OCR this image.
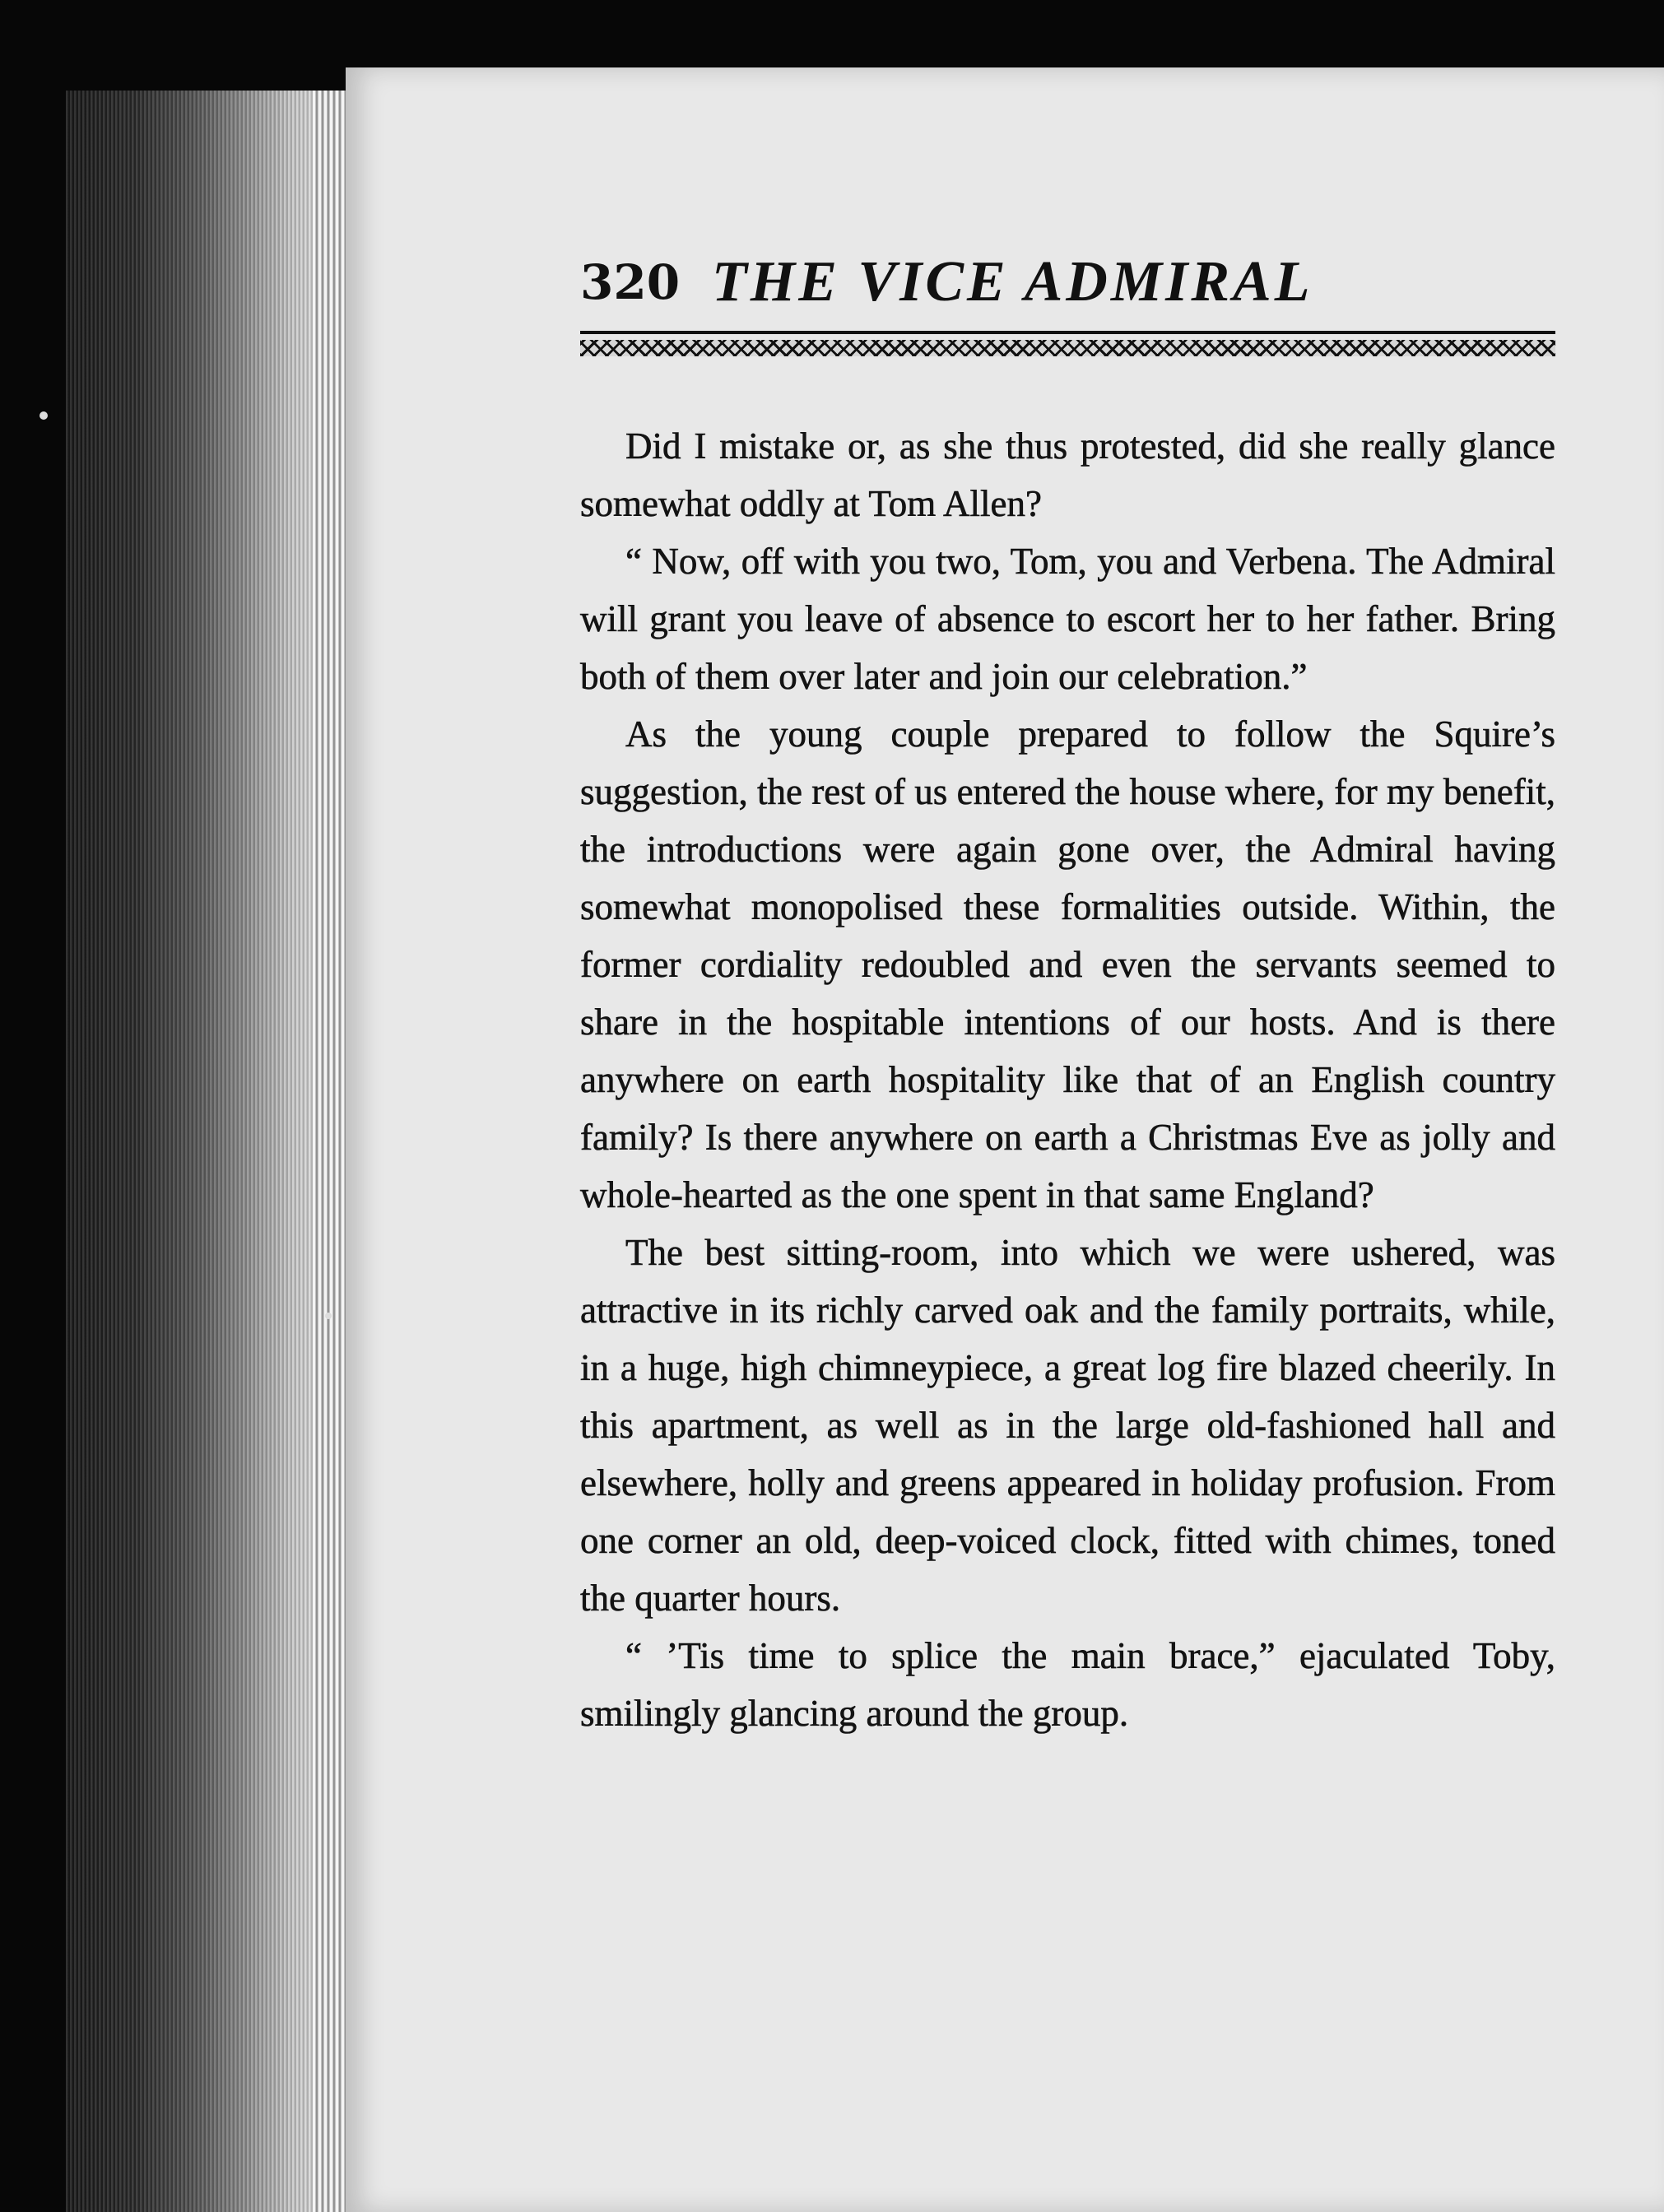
320 THE VICE ADMIRAL

Did I mistake or, as she thus protested, did she really glance somewhat oddly at Tom Allen?

“ Now, off with you two, Tom, you and Verbena. The Admiral will grant you leave of absence to escort her to her father. Bring both of them over later and join our celebration.”

As the young couple prepared to follow the Squire’s suggestion, the rest of us entered the house where, for my benefit, the introductions were again gone over, the Admiral having somewhat monopolised these formalities outside. Within, the former cordiality redoubled and even the servants seemed to share in the hospitable intentions of our hosts. And is there anywhere on earth hospitality like that of an English country family? Is there anywhere on earth a Christmas Eve as jolly and whole-hearted as the one spent in that same England?

The best sitting-room, into which we were ushered, was attractive in its richly carved oak and the family portraits, while, in a huge, high chimneypiece, a great log fire blazed cheerily. In this apartment, as well as in the large old-fashioned hall and elsewhere, holly and greens appeared in holiday profusion. From one corner an old, deep-voiced clock, fitted with chimes, toned the quarter hours.

“ ’Tis time to splice the main brace,” ejaculated Toby, smilingly glancing around the group.
